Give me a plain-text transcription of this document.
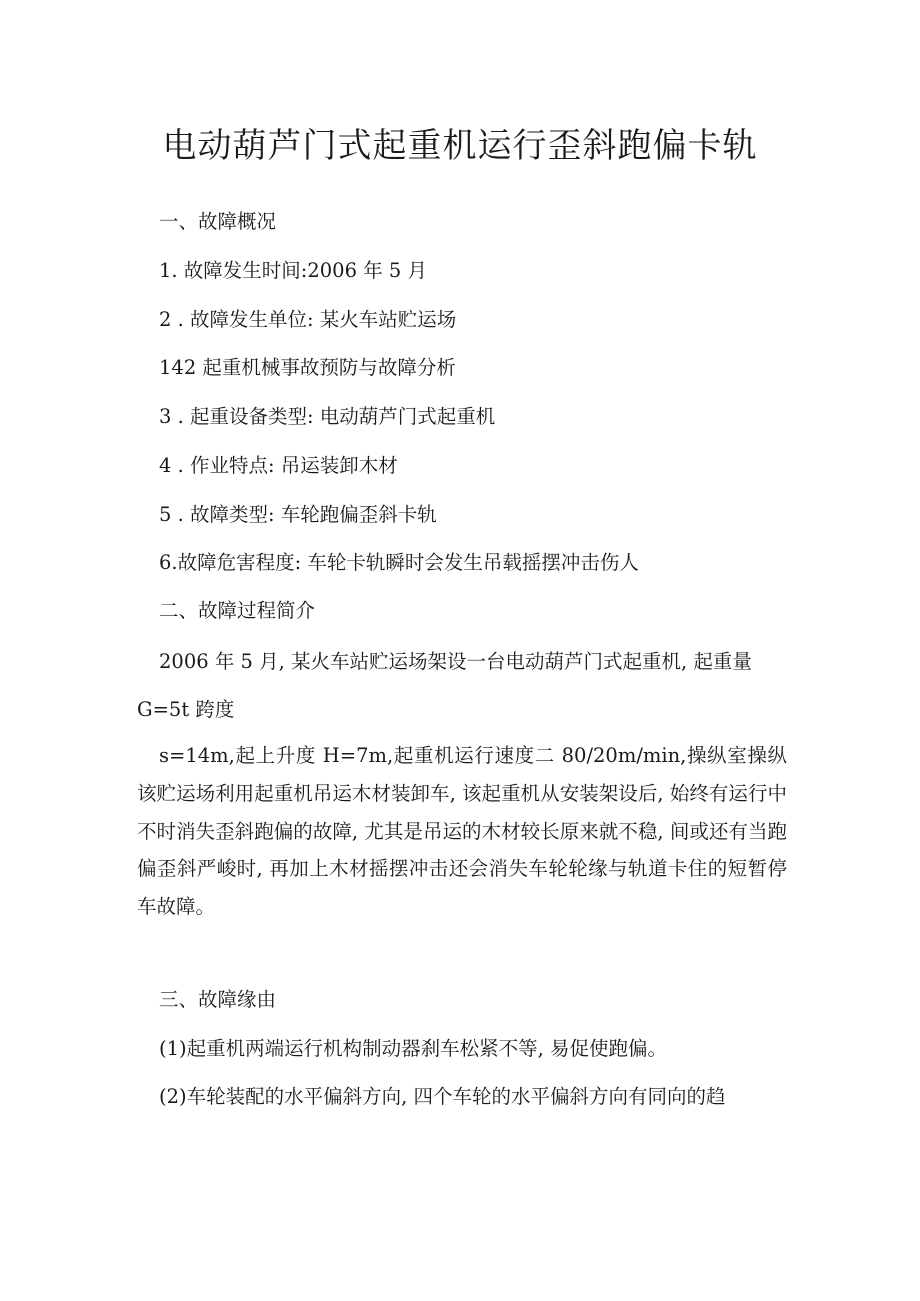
电动葫芦门式起重机运行歪斜跑偏卡轨

一、故障概况

1. 故障发生时间:2006 年 5 月

2 . 故障发生单位: 某火车站贮运场

142 起重机械事故预防与故障分析

3 . 起重设备类型: 电动葫芦门式起重机

4 . 作业特点: 吊运装卸木材

5 . 故障类型: 车轮跑偏歪斜卡轨

6.故障危害程度: 车轮卡轨瞬时会发生吊载摇摆冲击伤人

二、故障过程简介

2006 年 5 月, 某火车站贮运场架设一台电动葫芦门式起重机, 起重量

G=5t 跨度

s=14m,起上升度 H=7m,起重机运行速度二 80/20m/min,操纵室操纵该贮运场利用起重机吊运木材装卸车, 该起重机从安装架设后, 始终有运行中不时消失歪斜跑偏的故障, 尤其是吊运的木材较长原来就不稳, 间或还有当跑偏歪斜严峻时, 再加上木材摇摆冲击还会消失车轮轮缘与轨道卡住的短暂停车故障。

三、故障缘由

(1)起重机两端运行机构制动器刹车松紧不等, 易促使跑偏。

(2)车轮装配的水平偏斜方向, 四个车轮的水平偏斜方向有同向的趋
